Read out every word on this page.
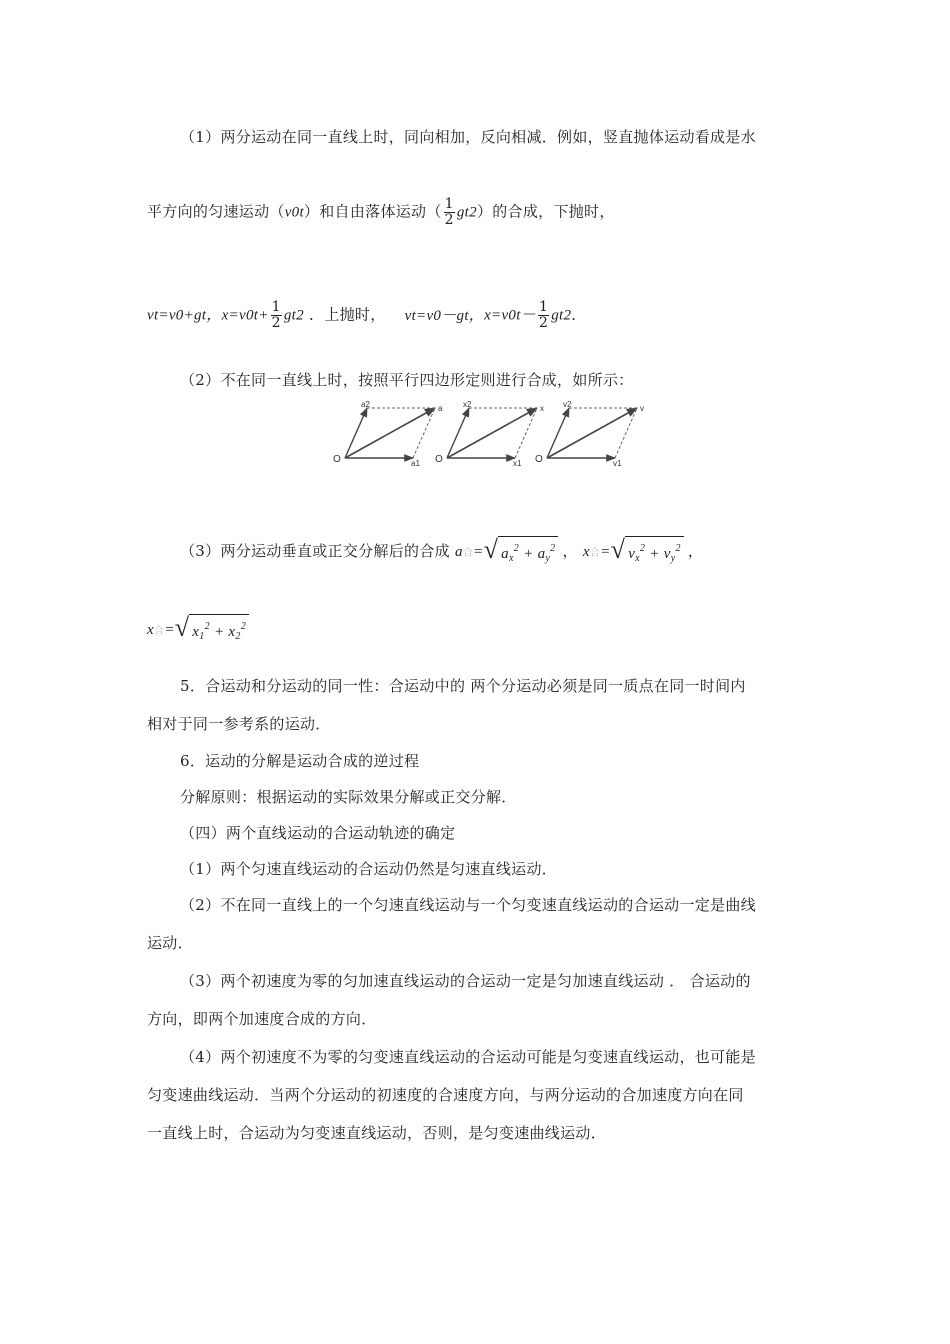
（1）两分运动在同一直线上时，同向相加，反向相减．例如，竖直抛体运动看成是水
平方向的匀速运动（v0t）和自由落体运动（ $\frac{1}{2} gt2$）的合成，下抛时，
vt=v0+gt，$x=v0t+ \frac{1}{2} gt2$ ．上抛时， vt=v0－gt，$x=v0t- \frac{1}{2} gt2$．
（2）不在同一直线上时，按照平行四边形定则进行合成，如所示：
O
a2	a
a1 O
x2	x
x1 O
v2	v
v1
（3）两分运动垂直或正交分解后的合成 a合= √ $a_x^2 + a_y^2$ ， x合= √ $v_x^2 + v_y^2$ ，
x合= √ $x_1^2 + x_2^2$
5．合运动和分运动的同一性：合运动中的 两个分运动必须是同一质点在同一时间内
相对于同一参考系的运动．
6．运动的分解是运动合成的逆过程
分解原则：根据运动的实际效果分解或正交分解．
（四）两个直线运动的合运动轨迹的确定
（1）两个匀速直线运动的合运动仍然是匀速直线运动．
（2）不在同一直线上的一个匀速直线运动与一个匀变速直线运动的合运动一定是曲线
运动．
（3）两个初速度为零的匀加速直线运动的合运动一定是匀加速直线运动 ． 合运动的
方向，即两个加速度合成的方向．
（4）两个初速度不为零的匀变速直线运动的合运动可能是匀变速直线运动，也可能是
匀变速曲线运动．当两个分运动的初速度的合速度方向，与两分运动的合加速度方向在同
一直线上时，合运动为匀变速直线运动，否则，是匀变速曲线运动．
